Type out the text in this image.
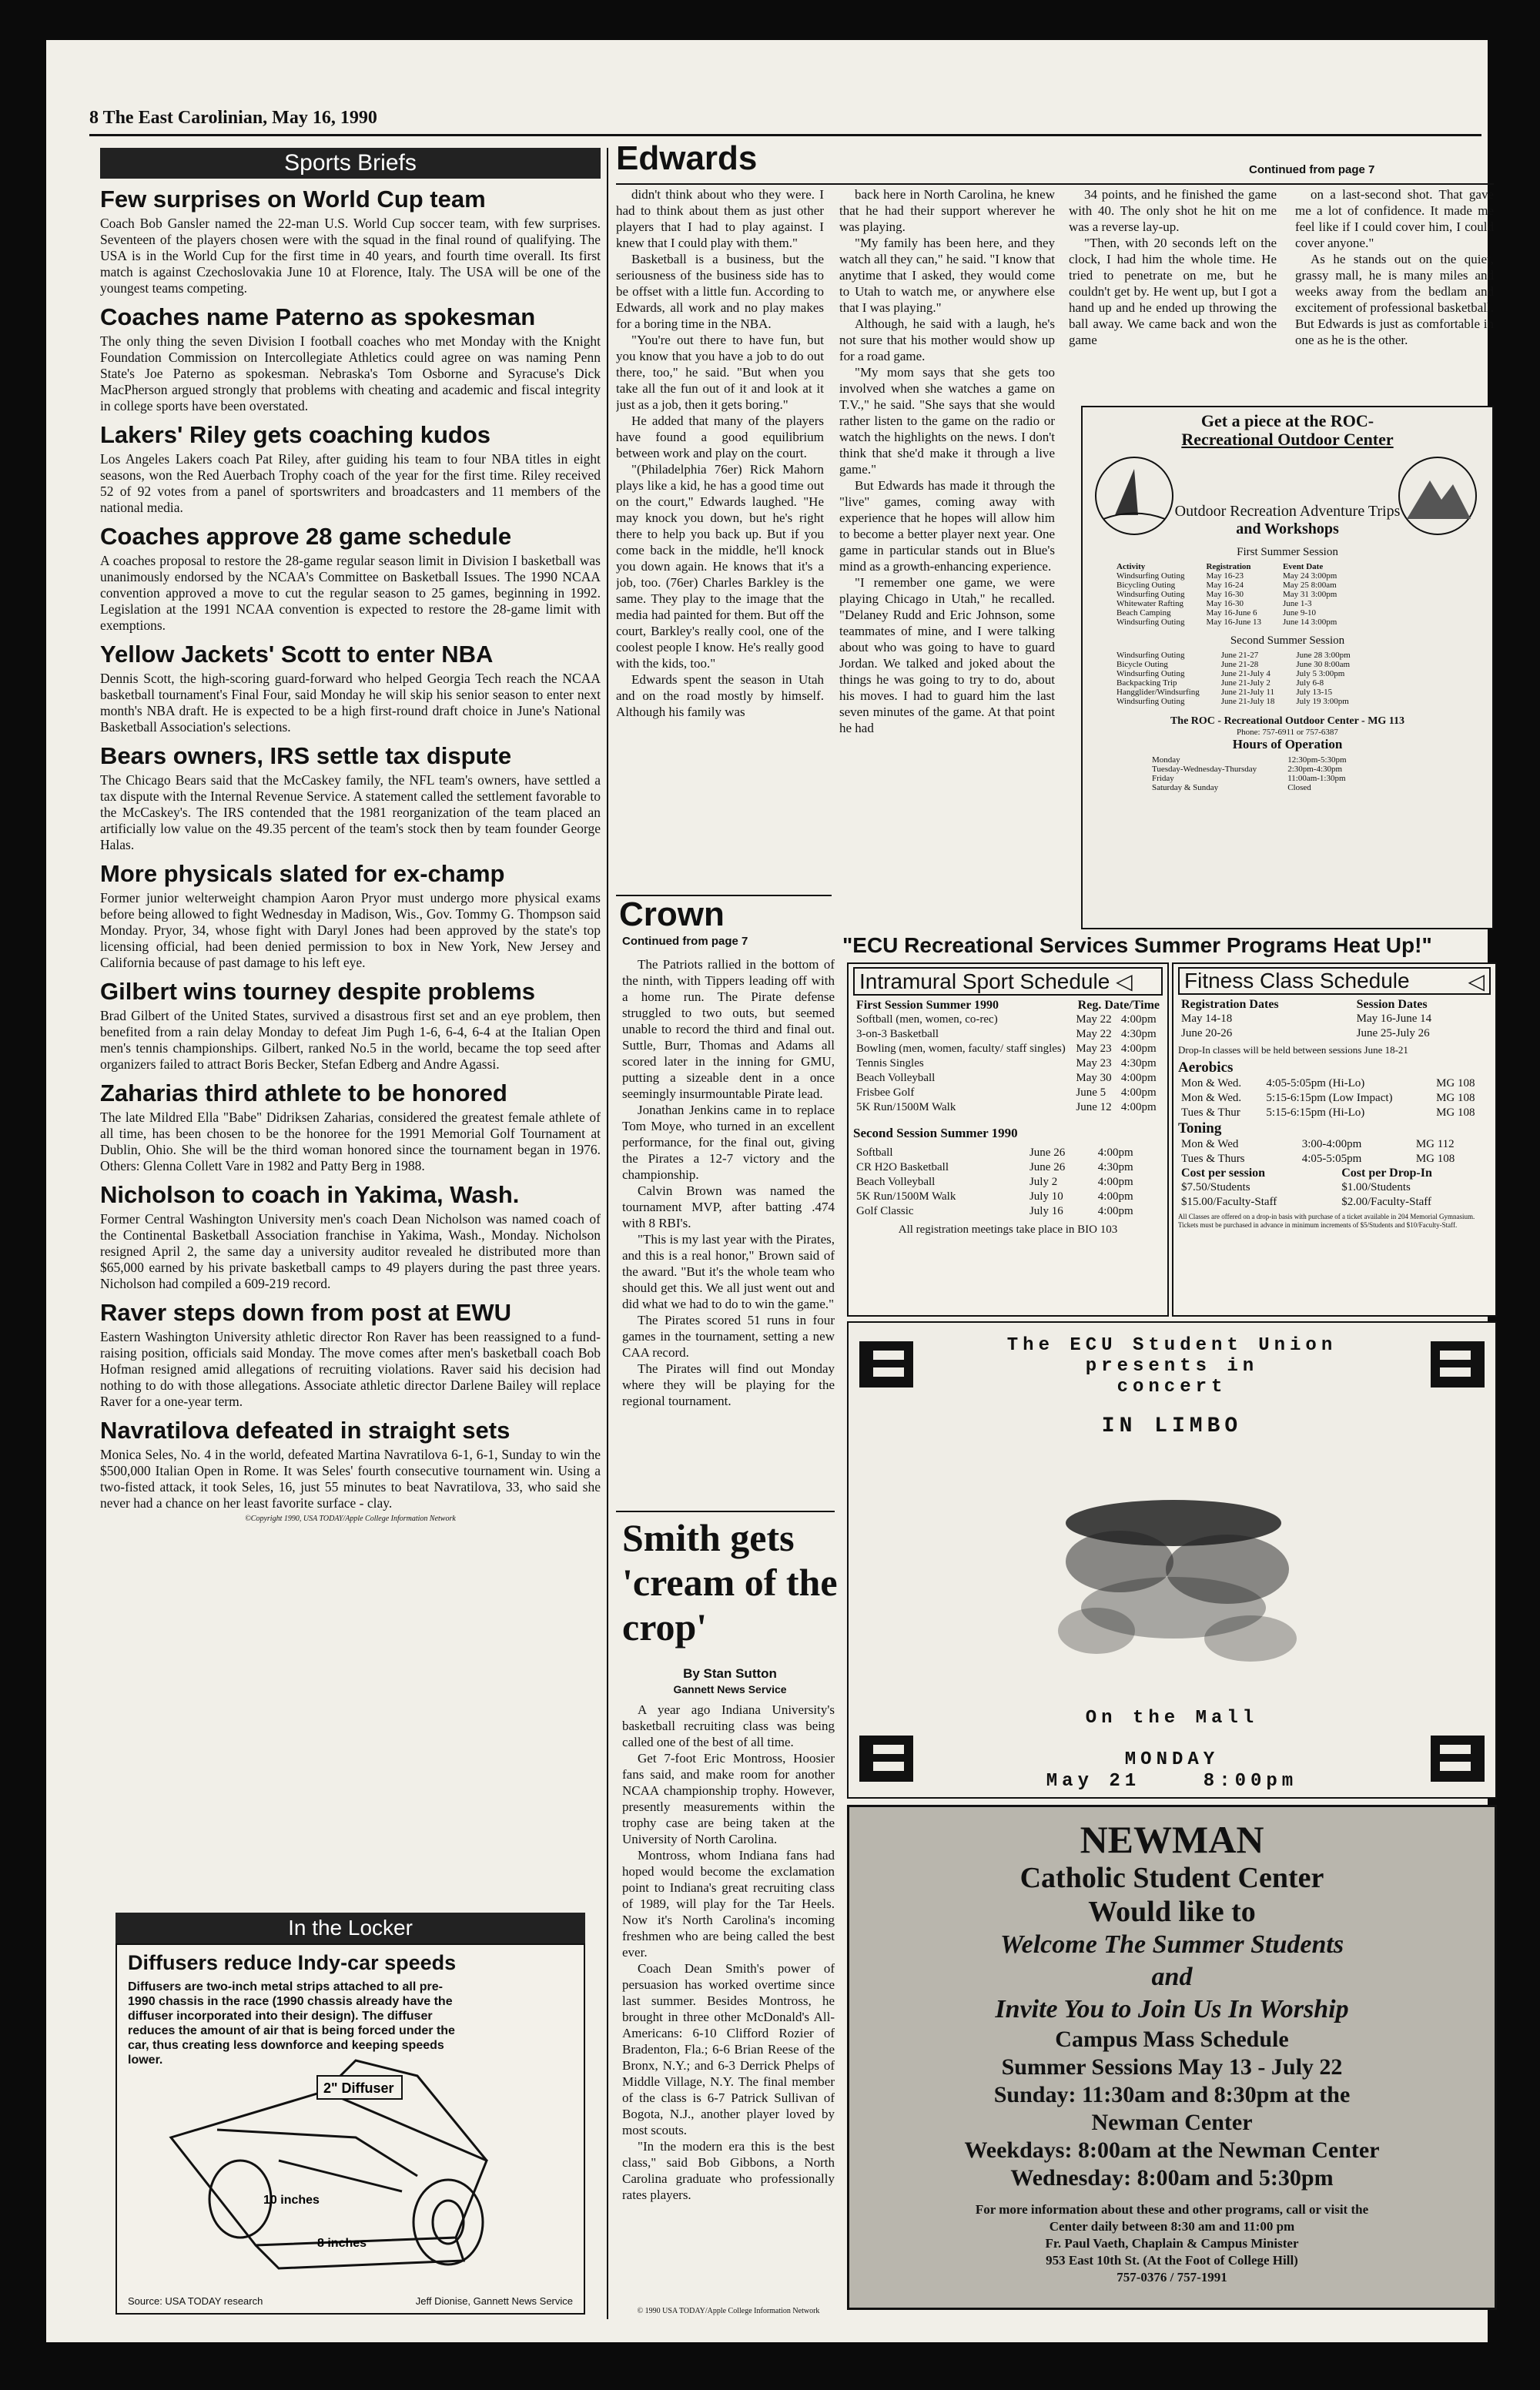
8 The East Carolinian, May 16, 1990
Sports Briefs
Few surprises on World Cup team

Coach Bob Gansler named the 22-man U.S. World Cup soccer team, with few surprises. Seventeen of the players chosen were with the squad in the final round of qualifying. The USA is in the World Cup for the first time in 40 years, and fourth time overall. Its first match is against Czechoslovakia June 10 at Florence, Italy. The USA will be one of the youngest teams competing.

Coaches name Paterno as spokesman

The only thing the seven Division I football coaches who met Monday with the Knight Foundation Commission on Intercollegiate Athletics could agree on was naming Penn State's Joe Paterno as spokesman. Nebraska's Tom Osborne and Syracuse's Dick MacPherson argued strongly that problems with cheating and academic and fiscal integrity in college sports have been overstated.

Lakers' Riley gets coaching kudos

Los Angeles Lakers coach Pat Riley, after guiding his team to four NBA titles in eight seasons, won the Red Auerbach Trophy coach of the year for the first time. Riley received 52 of 92 votes from a panel of sportswriters and broadcasters and 11 members of the national media.

Coaches approve 28 game schedule

A coaches proposal to restore the 28-game regular season limit in Division I basketball was unanimously endorsed by the NCAA's Committee on Basketball Issues. The 1990 NCAA convention approved a move to cut the regular season to 25 games, beginning in 1992. Legislation at the 1991 NCAA convention is expected to restore the 28-game limit with exemptions.

Yellow Jackets' Scott to enter NBA

Dennis Scott, the high-scoring guard-forward who helped Georgia Tech reach the NCAA basketball tournament's Final Four, said Monday he will skip his senior season to enter next month's NBA draft. He is expected to be a high first-round draft choice in June's National Basketball Association's selections.

Bears owners, IRS settle tax dispute

The Chicago Bears said that the McCaskey family, the NFL team's owners, have settled a tax dispute with the Internal Revenue Service. A statement called the settlement favorable to the McCaskey's. The IRS contended that the 1981 reorganization of the team placed an artificially low value on the 49.35 percent of the team's stock then by team founder George Halas.

More physicals slated for ex-champ

Former junior welterweight champion Aaron Pryor must undergo more physical exams before being allowed to fight Wednesday in Madison, Wis., Gov. Tommy G. Thompson said Monday. Pryor, 34, whose fight with Daryl Jones had been approved by the state's top licensing official, had been denied permission to box in New York, New Jersey and California because of past damage to his left eye.

Gilbert wins tourney despite problems

Brad Gilbert of the United States, survived a disastrous first set and an eye problem, then benefited from a rain delay Monday to defeat Jim Pugh 1-6, 6-4, 6-4 at the Italian Open men's tennis championships. Gilbert, ranked No.5 in the world, became the top seed after organizers failed to attract Boris Becker, Stefan Edberg and Andre Agassi.

Zaharias third athlete to be honored

The late Mildred Ella "Babe" Didriksen Zaharias, considered the greatest female athlete of all time, has been chosen to be the honoree for the 1991 Memorial Golf Tournament at Dublin, Ohio. She will be the third woman honored since the tournament began in 1976. Others: Glenna Collett Vare in 1982 and Patty Berg in 1988.

Nicholson to coach in Yakima, Wash.

Former Central Washington University men's coach Dean Nicholson was named coach of the Continental Basketball Association franchise in Yakima, Wash., Monday. Nicholson resigned April 2, the same day a university auditor revealed he distributed more than $65,000 earned by his private basketball camps to 49 players during the past three years. Nicholson had compiled a 609-219 record.

Raver steps down from post at EWU

Eastern Washington University athletic director Ron Raver has been reassigned to a fund-raising position, officials said Monday. The move comes after men's basketball coach Bob Hofman resigned amid allegations of recruiting violations. Raver said his decision had nothing to do with those allegations. Associate athletic director Darlene Bailey will replace Raver for a one-year term.

Navratilova defeated in straight sets

Monica Seles, No. 4 in the world, defeated Martina Navratilova 6-1, 6-1, Sunday to win the $500,000 Italian Open in Rome. It was Seles' fourth consecutive tournament win. Using a two-fisted attack, it took Seles, 16, just 55 minutes to beat Navratilova, 33, who said she never had a chance on her least favorite surface - clay.

©Copyright 1990, USA TODAY/Apple College Information Network
In the Locker
Diffusers reduce Indy-car speeds
Diffusers are two-inch metal strips attached to all pre-1990 chassis in the race (1990 chassis already have the diffuser incorporated into their design). The diffuser reduces the amount of air that is being forced under the car, thus creating less downforce and keeping speeds lower.
2" Diffuser
10 inches
8 inches
Source: USA TODAY research	Jeff Dionise, Gannett News Service
Edwards	Continued from page 7

didn't think about who they were. I had to think about them as just other players that I had to play against. I knew that I could play with them."

Basketball is a business, but the seriousness of the business side has to be offset with a little fun. According to Edwards, all work and no play makes for a boring time in the NBA.

"You're out there to have fun, but you know that you have a job to do out there, too," he said. "But when you take all the fun out of it and look at it just as a job, then it gets boring."

He added that many of the players have found a good equilibrium between work and play on the court.

"(Philadelphia 76er) Rick Mahorn plays like a kid, he has a good time out on the court," Edwards laughed. "He may knock you down, but he's right there to help you back up. But if you come back in the middle, he'll knock you down again. He knows that it's a job, too. (76er) Charles Barkley is the same. They play to the image that the media had painted for them. But off the court, Barkley's really cool, one of the coolest people I know. He's really good with the kids, too."

Edwards spent the season in Utah and on the road mostly by himself. Although his family was

back here in North Carolina, he knew that he had their support wherever he was playing.

"My family has been here, and they watch all they can," he said. "I know that anytime that I asked, they would come to Utah to watch me, or anywhere else that I was playing."

Although, he said with a laugh, he's not sure that his mother would show up for a road game.

"My mom says that she gets too involved when she watches a game on T.V.," he said. "She says that she would rather listen to the game on the radio or watch the highlights on the news. I don't think that she'd make it through a live game."

But Edwards has made it through the "live" games, coming away with experience that he hopes will allow him to become a better player next year. One game in particular stands out in Blue's mind as a growth-enhancing experience.

"I remember one game, we were playing Chicago in Utah," he recalled. "Delaney Rudd and Eric Johnson, some teammates of mine, and I were talking about who was going to have to guard Jordan. We talked and joked about the things he was going to try to do, about his moves. I had to guard him the last seven minutes of the game. At that point he had

34 points, and he finished the game with 40. The only shot he hit on me was a reverse lay-up.

"Then, with 20 seconds left on the clock, I had him the whole time. He tried to penetrate on me, but he couldn't get by. He went up, but I got a hand up and he ended up throwing the ball away. We came back and won the game

on a last-second shot. That gave me a lot of confidence. It made me feel like if I could cover him, I could cover anyone."

As he stands out on the quiet, grassy mall, he is many miles and weeks away from the bedlam and excitement of professional basketball. But Edwards is just as comfortable in one as he is the other.

Get a piece at the ROC-
Recreational Outdoor Center
Outdoor Recreation Adventure Trips
and Workshops
First Summer Session
Activity	Registration	Event Date
Windsurfing Outing	May 16-23	May 24 3:00pm
Bicycling Outing	May 16-24	May 25 8:00am
Windsurfing Outing	May 16-30	May 31 3:00pm
Whitewater Rafting	May 16-30	June 1-3
Beach Camping	May 16-June 6	June 9-10
Windsurfing Outing	May 16-June 13	June 14 3:00pm
Second Summer Session
Windsurfing Outing	June 21-27	June 28 3:00pm
Bicycle Outing	June 21-28	June 30 8:00am
Windsurfing Outing	June 21-July 4	July 5 3:00pm
Backpacking Trip	June 21-July 2	July 6-8
Hangglider/Windsurfing	June 21-July 11	July 13-15
Windsurfing Outing	June 21-July 18	July 19 3:00pm
The ROC - Recreational Outdoor Center - MG 113
Phone: 757-6911 or 757-6387
Hours of Operation
Monday	12:30pm-5:30pm
Tuesday-Wednesday-Thursday	2:30pm-4:30pm
Friday	11:00am-1:30pm
Saturday & Sunday	Closed
Crown
Continued from page 7

The Patriots rallied in the bottom of the ninth, with Tippers leading off with a home run. The Pirate defense struggled to two outs, but seemed unable to record the third and final out. Suttle, Burr, Thomas and Adams all scored later in the inning for GMU, putting a sizeable dent in a once seemingly insurmountable Pirate lead.

Jonathan Jenkins came in to replace Tom Moye, who turned in an excellent performance, for the final out, giving the Pirates a 12-7 victory and the championship.

Calvin Brown was named the tournament MVP, after batting .474 with 8 RBI's.

"This is my last year with the Pirates, and this is a real honor," Brown said of the award. "But it's the whole team who should get this. We all just went out and did what we had to do to win the game."

The Pirates scored 51 runs in four games in the tournament, setting a new CAA record.

The Pirates will find out Monday where they will be playing for the regional tournament.

Smith gets 'cream of the crop'
By Stan Sutton
Gannett News Service

A year ago Indiana University's basketball recruiting class was being called one of the best of all time.

Get 7-foot Eric Montross, Hoosier fans said, and make room for another NCAA championship trophy. However, presently measurements within the trophy case are being taken at the University of North Carolina.

Montross, whom Indiana fans had hoped would become the exclamation point to Indiana's great recruiting class of 1989, will play for the Tar Heels. Now it's North Carolina's incoming freshmen who are being called the best ever.

Coach Dean Smith's power of persuasion has worked overtime since last summer. Besides Montross, he brought in three other McDonald's All-Americans: 6-10 Clifford Rozier of Bradenton, Fla.; 6-6 Brian Reese of the Bronx, N.Y.; and 6-3 Derrick Phelps of Middle Village, N.Y. The final member of the class is 6-7 Patrick Sullivan of Bogota, N.J., another player loved by most scouts.

"In the modern era this is the best class," said Bob Gibbons, a North Carolina graduate who professionally rates players.

© 1990 USA TODAY/Apple College Information Network
"ECU Recreational Services Summer Programs Heat Up!"
Intramural Sport Schedule ◁
First Session Summer 1990	Reg. Date/Time	
Softball (men, women, co-rec)	May 22	4:00pm
3-on-3 Basketball	May 22	4:30pm
Bowling (men, women, faculty/ staff singles)	May 23	4:00pm
Tennis Singles	May 23	4:30pm
Beach Volleyball	May 30	4:00pm
Frisbee Golf	June 5	4:00pm
5K Run/1500M Walk	June 12	4:00pm
Second Session Summer 1990
Softball	June 26	4:00pm
CR H2O Basketball	June 26	4:30pm
Beach Volleyball	July 2	4:00pm
5K Run/1500M Walk	July 10	4:00pm
Golf Classic	July 16	4:00pm
All registration meetings take place in BIO 103
Fitness Class Schedule	◁
Registration Dates	Session Dates
May 14-18	May 16-June 14
June 20-26	June 25-July 26
Drop-In classes will be held between sessions June 18-21
Aerobics
Mon & Wed.	4:05-5:05pm (Hi-Lo)	MG 108
Mon & Wed.	5:15-6:15pm (Low Impact)	MG 108
Tues & Thur	5:15-6:15pm (Hi-Lo)	MG 108
Toning
Mon & Wed	3:00-4:00pm	MG 112
Tues & Thurs	4:05-5:05pm	MG 108
Cost per session	Cost per Drop-In
$7.50/Students	$1.00/Students
$15.00/Faculty-Staff	$2.00/Faculty-Staff
All Classes are offered on a drop-in basis with purchase of a ticket available in 204 Memorial Gymnasium. Tickets must be purchased in advance in minimum increments of $5/Students and $10/Faculty-Staff.
The ECU Student Union
presents in
concert
IN LIMBO
On the Mall
MONDAY
May 21	8:00pm
NEWMAN
Catholic Student Center
Would like to
Welcome The Summer Students
and
Invite You to Join Us In Worship
Campus Mass Schedule
Summer Sessions May 13 - July 22
Sunday: 11:30am and 8:30pm at the
Newman Center
Weekdays: 8:00am at the Newman Center
Wednesday: 8:00am and 5:30pm
For more information about these and other programs, call or visit the
Center daily between 8:30 am and 11:00 pm
Fr. Paul Vaeth, Chaplain & Campus Minister
953 East 10th St. (At the Foot of College Hill)
757-0376 / 757-1991
